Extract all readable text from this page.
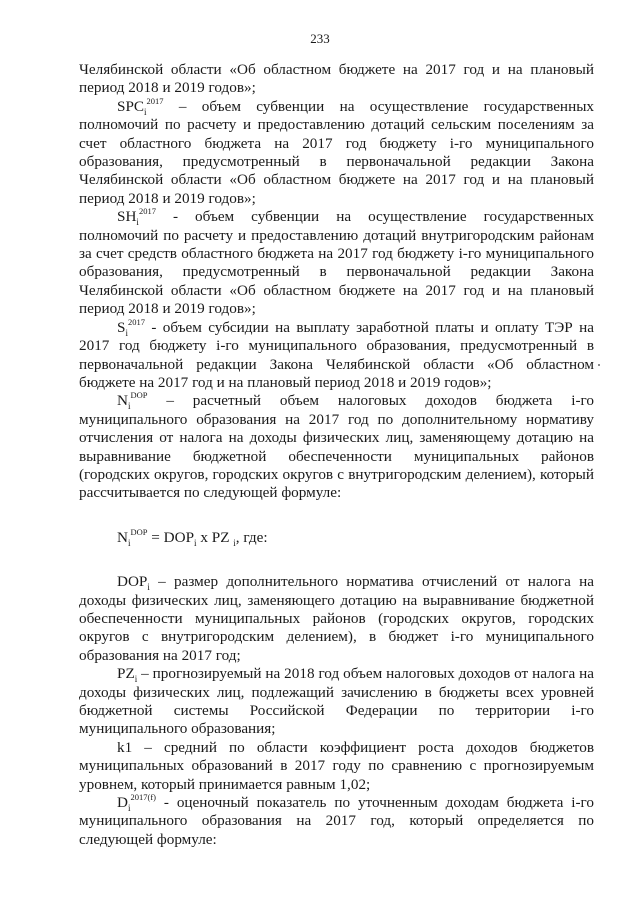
233

Челябинской области «Об областном бюджете на 2017 год и на плановый период 2018 и 2019 годов»;

$SPC_i^{2017}$ – объем субвенции на осуществление государственных полномочий по расчету и предоставлению дотаций сельским поселениям за счет областного бюджета на 2017 год бюджету i-го муниципального образования, предусмотренный в первоначальной редакции Закона Челябинской области «Об областном бюджете на 2017 год и на плановый период 2018 и 2019 годов»;

$SH_i^{2017}$ - объем субвенции на осуществление государственных полномочий по расчету и предоставлению дотаций внутригородским районам за счет средств областного бюджета на 2017 год бюджету i-го муниципального образования, предусмотренный в первоначальной редакции Закона Челябинской области «Об областном бюджете на 2017 год и на плановый период 2018 и 2019 годов»;

$S_i^{2017}$ - объем субсидии на выплату заработной платы и оплату ТЭР на 2017 год бюджету i-го муниципального образования, предусмотренный в первоначальной редакции Закона Челябинской области «Об областном бюджете на 2017 год и на плановый период 2018 и 2019 годов»;

$N_i^{DOP}$ – расчетный объем налоговых доходов бюджета i-го муниципального образования на 2017 год по дополнительному нормативу отчисления от налога на доходы физических лиц, заменяющему дотацию на выравнивание бюджетной обеспеченности муниципальных районов (городских округов, городских округов с внутригородским делением), который рассчитывается по следующей формуле:

$N_i^{DOP} = DOP_i$ x PZ $_i$, где:

$DOP_i$ – размер дополнительного норматива отчислений от налога на доходы физических лиц, заменяющего дотацию на выравнивание бюджетной обеспеченности муниципальных районов (городских округов, городских округов с внутригородским делением), в бюджет i-го муниципального образования на 2017 год;

$PZ_i$ – прогнозируемый на 2018 год объем налоговых доходов от налога на доходы физических лиц, подлежащий зачислению в бюджеты всех уровней бюджетной системы Российской Федерации по территории i-го муниципального образования;

k1 – средний по области коэффициент роста доходов бюджетов муниципальных образований в 2017 году по сравнению с прогнозируемым уровнем, который принимается равным 1,02;

$D_i^{2017(f)}$ - оценочный показатель по уточненным доходам бюджета i-го муниципального образования на 2017 год, который определяется по следующей формуле:
